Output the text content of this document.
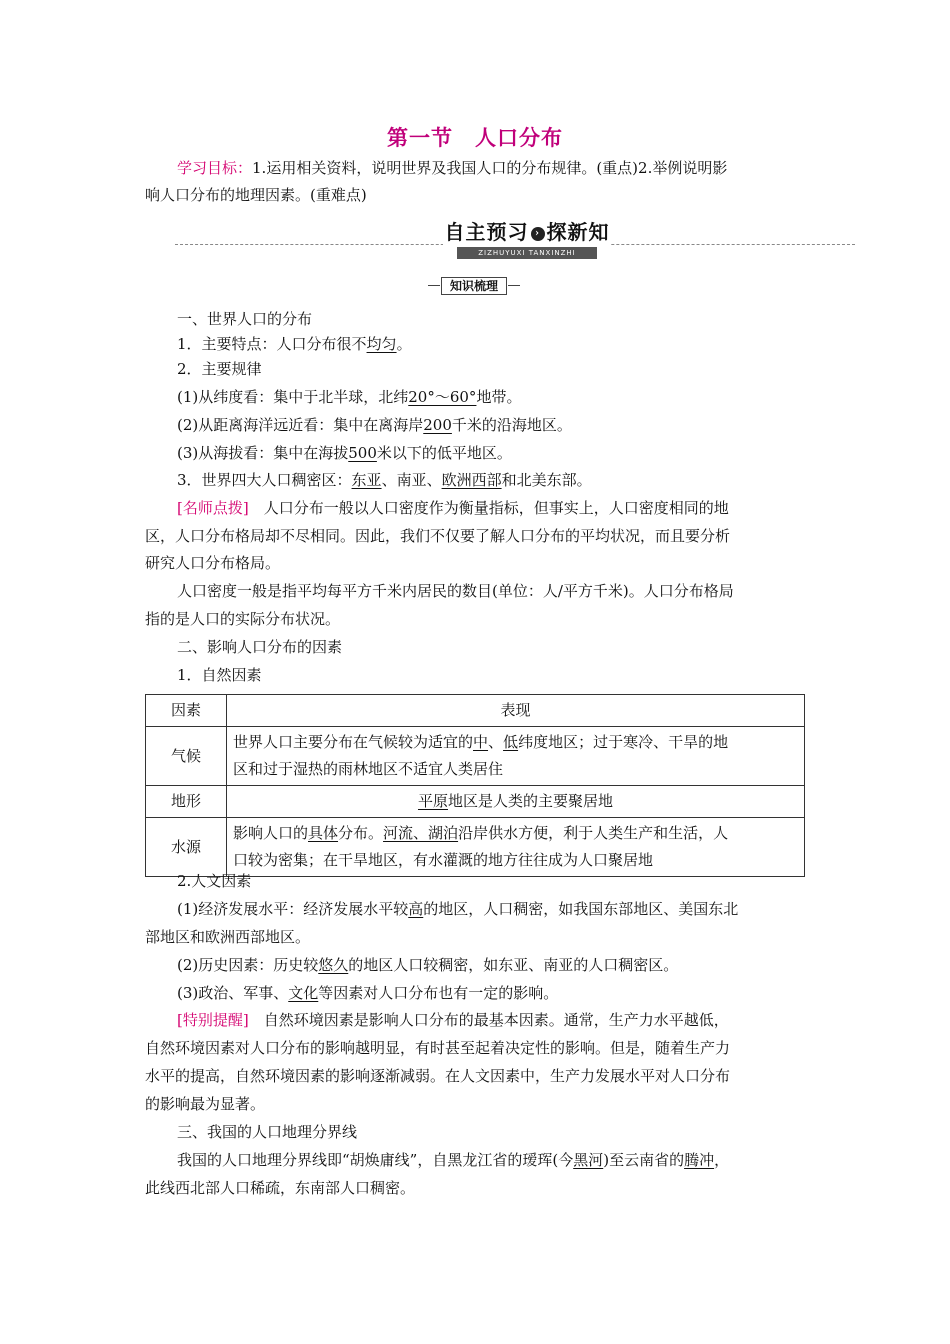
第一节　人口分布
学习目标：1.运用相关资料，说明世界及我国人口的分布规律。(重点)2.举例说明影
响人口分布的地理因素。(重难点)
自主预习 › 探新知
ZIZHUYUXI TANXINZHI
知识梳理
一、世界人口的分布
1．主要特点：人口分布很不均匀。
2．主要规律
(1)从纬度看：集中于北半球，北纬20°～60°地带。
(2)从距离海洋远近看：集中在离海岸200千米的沿海地区。
(3)从海拔看：集中在海拔500米以下的低平地区。
3．世界四大人口稠密区：东亚、南亚、欧洲西部和北美东部。
[名师点拨]　人口分布一般以人口密度作为衡量指标，但事实上，人口密度相同的地
区，人口分布格局却不尽相同。因此，我们不仅要了解人口分布的平均状况，而且要分析
研究人口分布格局。
人口密度一般是指平均每平方千米内居民的数目(单位：人/平方千米)。人口分布格局
指的是人口的实际分布状况。
二、影响人口分布的因素
1．自然因素
因素	表现
气候	世界人口主要分布在气候较为适宜的中、低纬度地区；过于寒冷、干旱的地
区和过于湿热的雨林地区不适宜人类居住
地形	平原地区是人类的主要聚居地
水源	影响人口的具体分布。河流、湖泊沿岸供水方便，利于人类生产和生活，人
口较为密集；在干旱地区，有水灌溉的地方往往成为人口聚居地
2.人文因素
(1)经济发展水平：经济发展水平较高的地区，人口稠密，如我国东部地区、美国东北
部地区和欧洲西部地区。
(2)历史因素：历史较悠久的地区人口较稠密，如东亚、南亚的人口稠密区。
(3)政治、军事、文化等因素对人口分布也有一定的影响。
[特别提醒]　自然环境因素是影响人口分布的最基本因素。通常，生产力水平越低，
自然环境因素对人口分布的影响越明显，有时甚至起着决定性的影响。但是，随着生产力
水平的提高，自然环境因素的影响逐渐减弱。在人文因素中，生产力发展水平对人口分布
的影响最为显著。
三、我国的人口地理分界线
我国的人口地理分界线即“胡焕庸线”，自黑龙江省的瑷珲(今黑河)至云南省的腾冲，
此线西北部人口稀疏，东南部人口稠密。
